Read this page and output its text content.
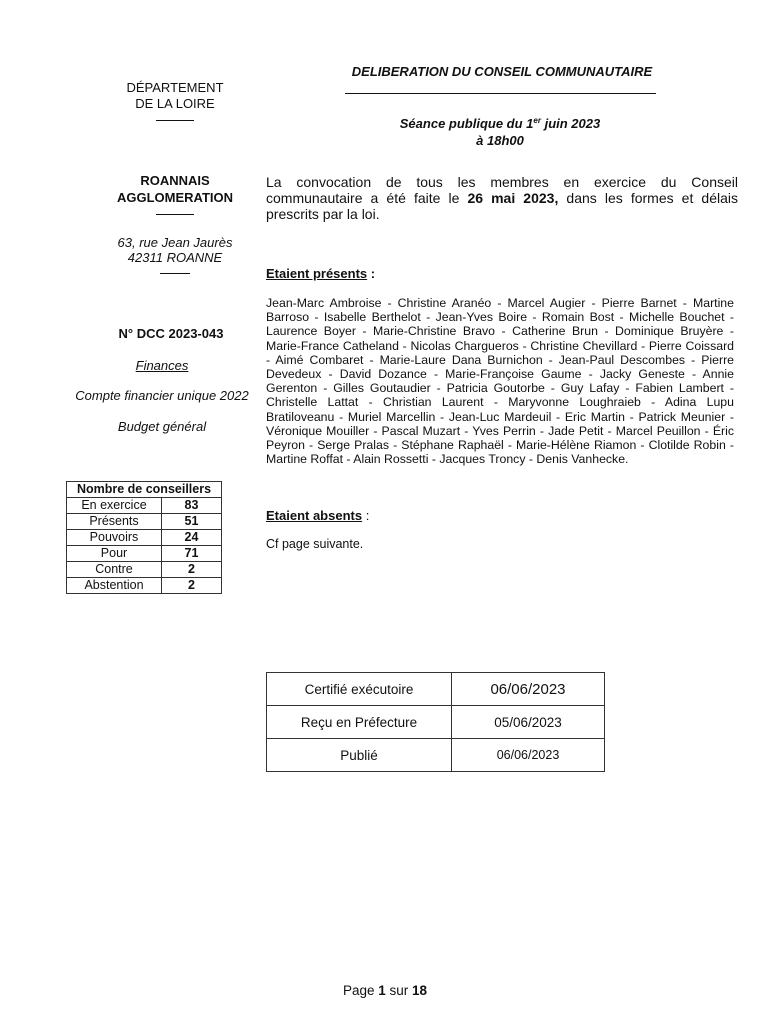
DÉPARTEMENT
DE LA LOIRE
ROANNAIS
AGGLOMERATION
63, rue Jean Jaurès
42311 ROANNE
N° DCC 2023-043
Finances
Compte financier unique 2022
Budget général
Nombre de conseillers	
En exercice	83
Présents	51
Pouvoirs	24
Pour	71
Contre	2
Abstention	2
DELIBERATION DU CONSEIL COMMUNAUTAIRE
Séance publique du 1er juin 2023
à 18h00
La convocation de tous les membres en exercice du Conseil communautaire a été faite le 26 mai 2023, dans les formes et délais prescrits par la loi.
Etaient présents :
Jean-Marc Ambroise - Christine Aranéo - Marcel Augier - Pierre Barnet - Martine Barroso - Isabelle Berthelot - Jean-Yves Boire - Romain Bost - Michelle Bouchet - Laurence Boyer - Marie-Christine Bravo - Catherine Brun - Dominique Bruyère - Marie-France Catheland - Nicolas Chargueros - Christine Chevillard - Pierre Coissard - Aimé Combaret - Marie-Laure Dana Burnichon - Jean-Paul Descombes - Pierre Devedeux - David Dozance - Marie-Françoise Gaume - Jacky Geneste - Annie Gerenton - Gilles Goutaudier - Patricia Goutorbe - Guy Lafay - Fabien Lambert - Christelle Lattat - Christian Laurent - Maryvonne Loughraieb - Adina Lupu Bratiloveanu - Muriel Marcellin - Jean-Luc Mardeuil - Eric Martin - Patrick Meunier - Véronique Mouiller - Pascal Muzart - Yves Perrin - Jade Petit - Marcel Peuillon - Éric Peyron - Serge Pralas - Stéphane Raphaël - Marie-Hélène Riamon - Clotilde Robin - Martine Roffat - Alain Rossetti - Jacques Troncy - Denis Vanhecke.
Etaient absents :
Cf page suivante.
Certifié exécutoire	06/06/2023
Reçu en Préfecture	05/06/2023
Publié	06/06/2023
Page 1 sur 18
